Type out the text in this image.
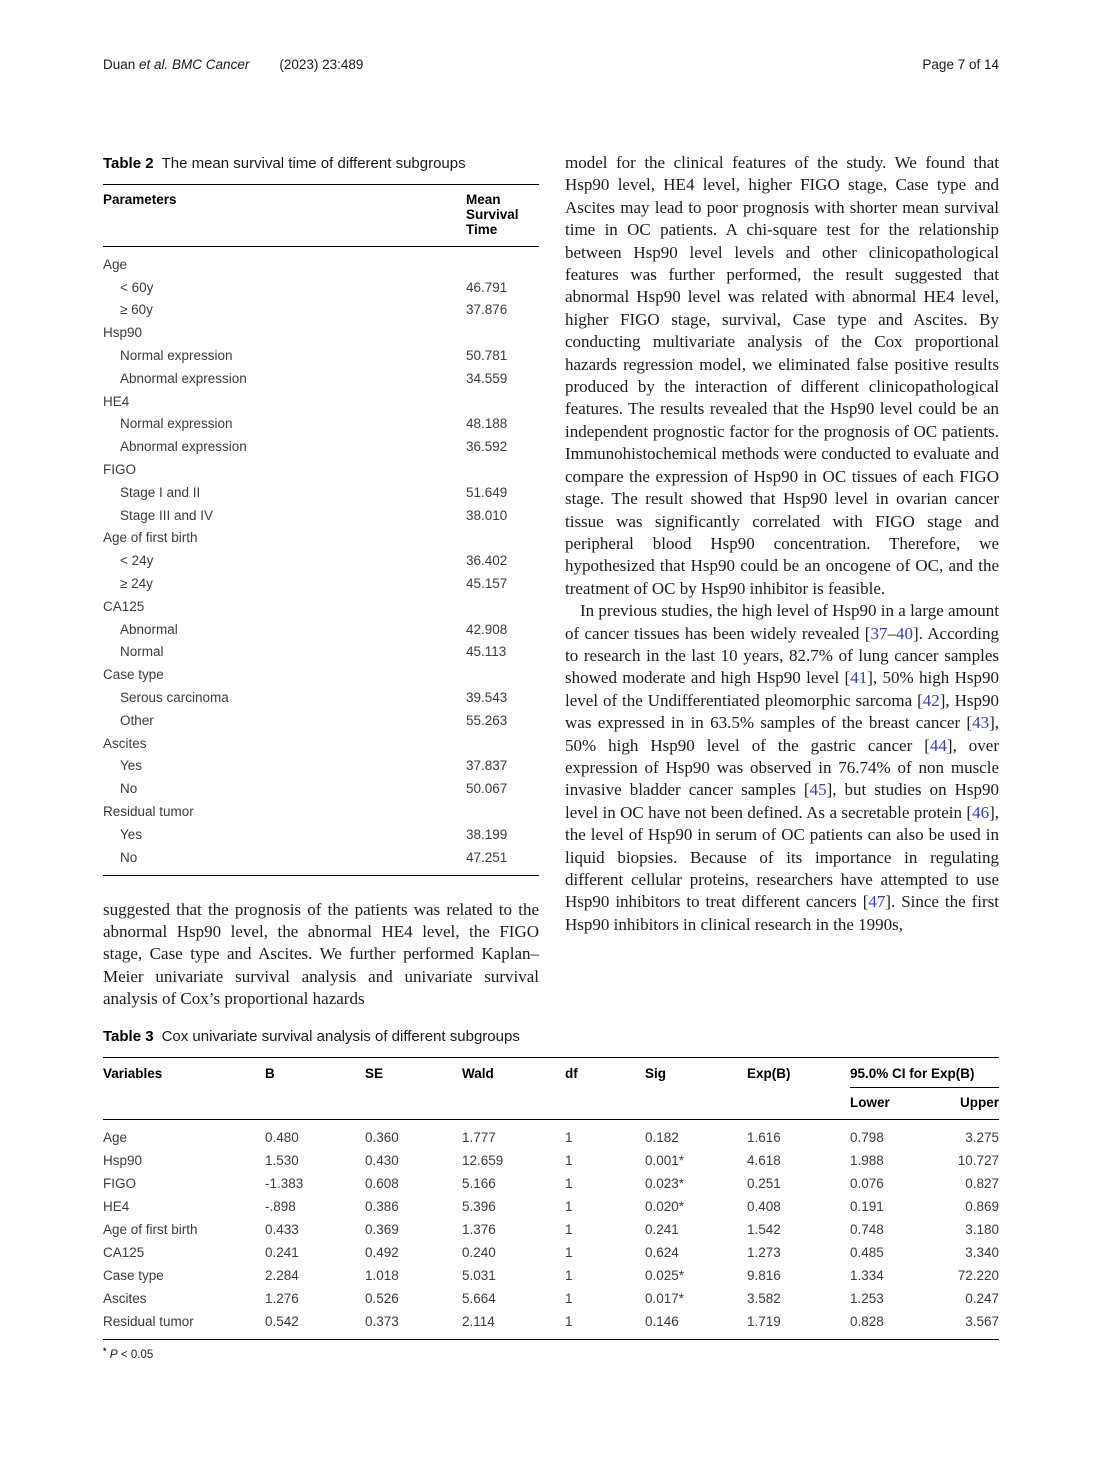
Duan et al. BMC Cancer (2023) 23:489	Page 7 of 14

Table 2 The mean survival time of different subgroups

Parameters	Mean Survival Time
Age	
< 60y	46.791
≥ 60y	37.876
Hsp90	
Normal expression	50.781
Abnormal expression	34.559
HE4	
Normal expression	48.188
Abnormal expression	36.592
FIGO	
Stage I and II	51.649
Stage III and IV	38.010
Age of first birth	
< 24y	36.402
≥ 24y	45.157
CA125	
Abnormal	42.908
Normal	45.113
Case type	
Serous carcinoma	39.543
Other	55.263
Ascites	
Yes	37.837
No	50.067
Residual tumor	
Yes	38.199
No	47.251

suggested that the prognosis of the patients was related to the abnormal Hsp90 level, the abnormal HE4 level, the FIGO stage, Case type and Ascites. We further performed Kaplan–Meier univariate survival analysis and univariate survival analysis of Cox’s proportional hazards

model for the clinical features of the study. We found that Hsp90 level, HE4 level, higher FIGO stage, Case type and Ascites may lead to poor prognosis with shorter mean survival time in OC patients. A chi-square test for the relationship between Hsp90 level levels and other clinicopathological features was further performed, the result suggested that abnormal Hsp90 level was related with abnormal HE4 level, higher FIGO stage, survival, Case type and Ascites. By conducting multivariate analysis of the Cox proportional hazards regression model, we eliminated false positive results produced by the interaction of different clinicopathological features. The results revealed that the Hsp90 level could be an independent prognostic factor for the prognosis of OC patients. Immunohistochemical methods were conducted to evaluate and compare the expression of Hsp90 in OC tissues of each FIGO stage. The result showed that Hsp90 level in ovarian cancer tissue was significantly correlated with FIGO stage and peripheral blood Hsp90 concentration. Therefore, we hypothesized that Hsp90 could be an oncogene of OC, and the treatment of OC by Hsp90 inhibitor is feasible.

In previous studies, the high level of Hsp90 in a large amount of cancer tissues has been widely revealed [37–40]. According to research in the last 10 years, 82.7% of lung cancer samples showed moderate and high Hsp90 level [41], 50% high Hsp90 level of the Undifferentiated pleomorphic sarcoma [42], Hsp90 was expressed in in 63.5% samples of the breast cancer [43], 50% high Hsp90 level of the gastric cancer [44], over expression of Hsp90 was observed in 76.74% of non muscle invasive bladder cancer samples [45], but studies on Hsp90 level in OC have not been defined. As a secretable protein [46], the level of Hsp90 in serum of OC patients can also be used in liquid biopsies. Because of its importance in regulating different cellular proteins, researchers have attempted to use Hsp90 inhibitors to treat different cancers [47]. Since the first Hsp90 inhibitors in clinical research in the 1990s,

Table 3 Cox univariate survival analysis of different subgroups

Variables	B	SE	Wald	df	Sig	Exp(B)	95.0% CI for Exp(B)	
							Lower	Upper
Age	0.480	0.360	1.777	1	0.182	1.616	0.798	3.275
Hsp90	1.530	0.430	12.659	1	0.001*	4.618	1.988	10.727
FIGO	-1.383	0.608	5.166	1	0.023*	0.251	0.076	0.827
HE4	-.898	0.386	5.396	1	0.020*	0.408	0.191	0.869
Age of first birth	0.433	0.369	1.376	1	0.241	1.542	0.748	3.180
CA125	0.241	0.492	0.240	1	0.624	1.273	0.485	3.340
Case type	2.284	1.018	5.031	1	0.025*	9.816	1.334	72.220
Ascites	1.276	0.526	5.664	1	0.017*	3.582	1.253	0.247
Residual tumor	0.542	0.373	2.114	1	0.146	1.719	0.828	3.567

* P < 0.05
